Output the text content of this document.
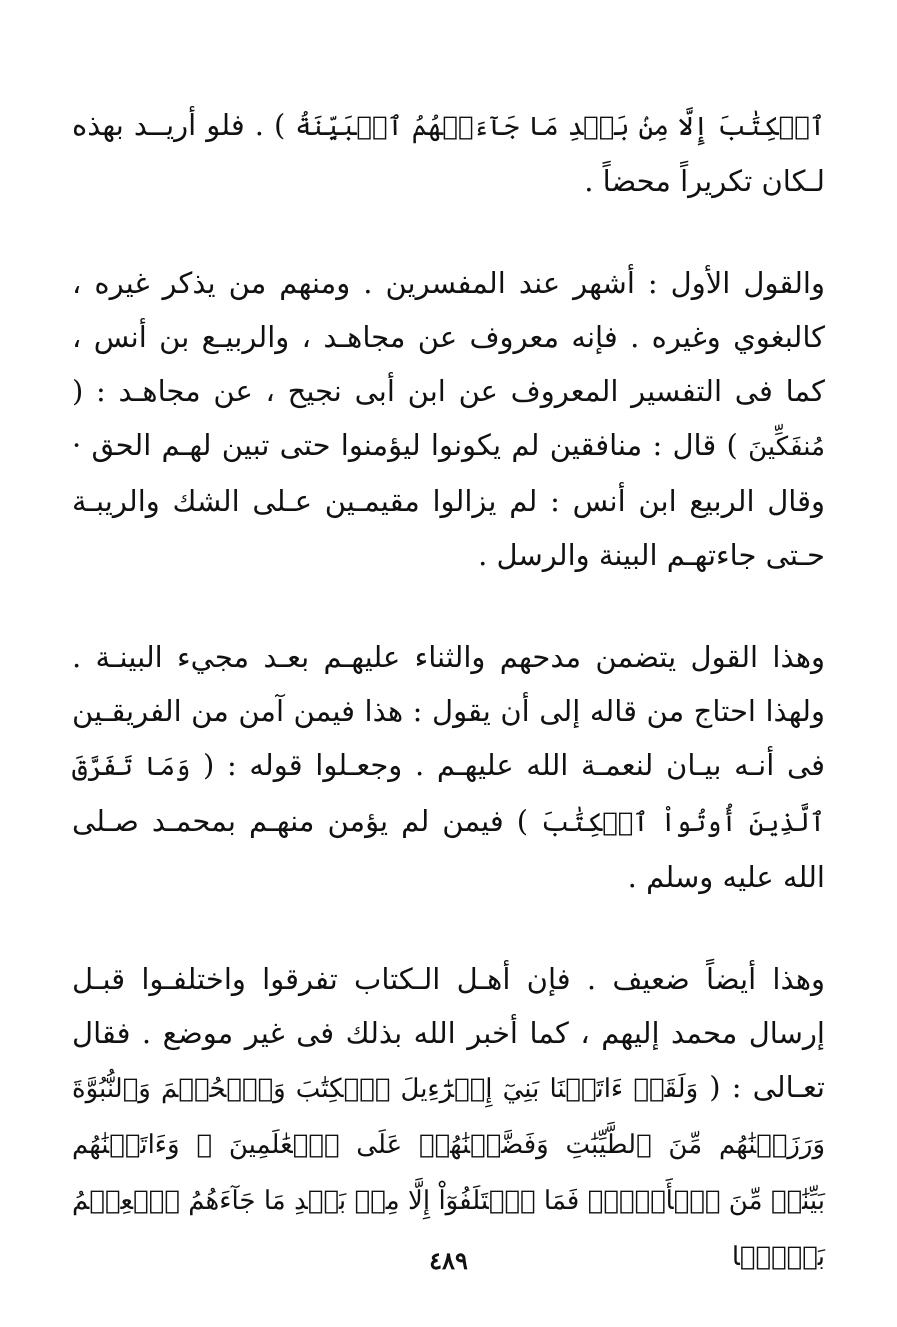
ٱلۡكِتَٰبَ إِلَّا مِنۢ بَعۡدِ مَا جَآءَتۡهُمُ ٱلۡبَيِّنَةُ ) . فلو أريــد بهذه لـكان تكريراً محضاً .

والقول الأول : أشهر عند المفسرين . ومنهم من يذكر غيره ، كالبغوي وغيره . فإنه معروف عن مجاهـد ، والربيـع بن أنس ، كما فى التفسير المعروف عن ابن أبى نجيح ، عن مجاهـد : ( مُنفَكِّينَ ) قال : منافقين لم يكونوا ليؤمنوا حتى تبين لهـم الحق · وقال الربيع ابن أنس : لم يزالوا مقيمـين عـلى الشك والريبـة حـتى جاءتهـم البينة والرسل .

وهذا القول يتضمن مدحهم والثناء عليهـم بعـد مجيء البينـة . ولهذا احتاج من قاله إلى أن يقول : هذا فيمن آمن من الفريقـين فى أنـه بيـان لنعمـة الله عليهـم . وجعـلوا قوله : ( وَمَا تَفَرَّقَ ٱلَّذِينَ أُوتُواْ ٱلۡكِتَٰبَ ) فيمن لم يؤمن منهـم بمحمـد صـلى الله عليه وسلم .

وهذا أيضاً ضعيف . فإن أهـل الـكتاب تفرقوا واختلفـوا قبـل إرسال محمد إليهم ، كما أخبر الله بذلك فى غير موضع . فقال تعـالى : ( وَلَقَدۡ ءَاتَيۡنَا بَنِيٓ إِسۡرَٰٓءِيلَ ٱلۡكِتَٰبَ وَٱلۡحُكۡمَ وَٱلنُّبُوَّةَ وَرَزَقۡنَٰهُم مِّنَ ٱلطَّيِّبَٰتِ وَفَضَّلۡنَٰهُمۡ عَلَى ٱلۡعَٰلَمِينَ ۞ وَءَاتَيۡنَٰهُم بَيِّنَٰتٖ مِّنَ ٱلۡأَمۡرِۖ فَمَا ٱخۡتَلَفُوٓاْ إِلَّا مِنۢ بَعۡدِ مَا جَآءَهُمُ ٱلۡعِلۡمُ بَغۡيَۢا

٤٨٩
